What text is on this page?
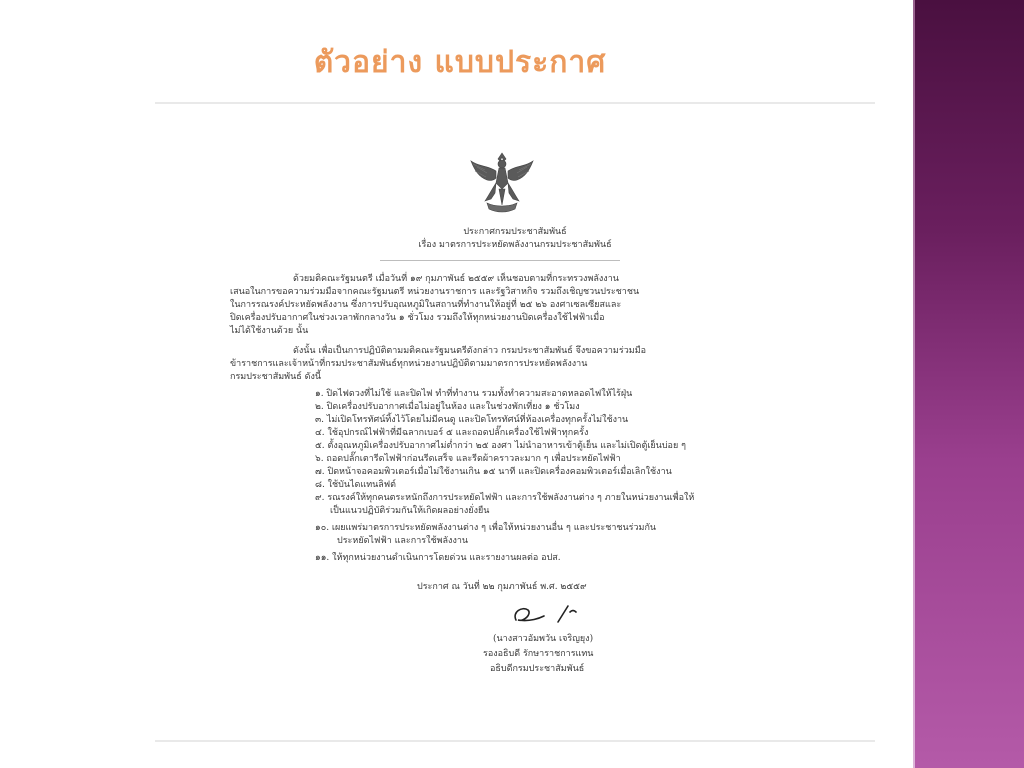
ตัวอย่าง แบบประกาศ

ประกาศกรมประชาสัมพันธ์

เรื่อง มาตรการประหยัดพลังงานกรมประชาสัมพันธ์

ด้วยมติคณะรัฐมนตรี เมื่อวันที่ ๑๙ กุมภาพันธ์ ๒๕๕๙ เห็นชอบตามที่กระทรวงพลังงาน

เสนอในการขอความร่วมมือจากคณะรัฐมนตรี หน่วยงานราชการ และรัฐวิสาหกิจ รวมถึงเชิญชวนประชาชน

ในการรณรงค์ประหยัดพลังงาน ซึ่งการปรับอุณหภูมิในสถานที่ทำงานให้อยู่ที่ ๒๕ ๒๖ องศาเซลเซียสและ

ปิดเครื่องปรับอากาศในช่วงเวลาพักกลางวัน ๑ ชั่วโมง รวมถึงให้ทุกหน่วยงานปิดเครื่องใช้ไฟฟ้าเมื่อ

ไม่ได้ใช้งานด้วย นั้น

ดังนั้น เพื่อเป็นการปฏิบัติตามมติคณะรัฐมนตรีดังกล่าว กรมประชาสัมพันธ์ จึงขอความร่วมมือ

ข้าราชการและเจ้าหน้าที่กรมประชาสัมพันธ์ทุกหน่วยงานปฏิบัติตามมาตรการประหยัดพลังงาน

กรมประชาสัมพันธ์ ดังนี้

๑. ปิดไฟดวงที่ไม่ใช้ และปิดไฟ ทำที่ทำงาน รวมทั้งทำความสะอาดหลอดไฟให้ไร้ฝุ่น

๒. ปิดเครื่องปรับอากาศเมื่อไม่อยู่ในห้อง และในช่วงพักเที่ยง ๑ ชั่วโมง

๓. ไม่เปิดโทรทัศน์ทิ้งไว้โดยไม่มีคนดู และปิดโทรทัศน์ที่ห้องเครื่องทุกครั้งไม่ใช้งาน

๔. ใช้อุปกรณ์ไฟฟ้าที่มีฉลากเบอร์ ๕ และถอดปลั๊กเครื่องใช้ไฟฟ้าทุกครั้ง

๕. ตั้งอุณหภูมิเครื่องปรับอากาศไม่ต่ำกว่า ๒๕ องศา ไม่นำอาหารเข้าตู้เย็น และไม่เปิดตู้เย็นบ่อย ๆ

๖. ถอดปลั๊กเตารีดไฟฟ้าก่อนรีดเสร็จ และรีดผ้าคราวละมาก ๆ เพื่อประหยัดไฟฟ้า

๗. ปิดหน้าจอคอมพิวเตอร์เมื่อไม่ใช้งานเกิน ๑๕ นาที และปิดเครื่องคอมพิวเตอร์เมื่อเลิกใช้งาน

๘. ใช้บันไดแทนลิฟต์

๙. รณรงค์ให้ทุกคนตระหนักถึงการประหยัดไฟฟ้า และการใช้พลังงานต่าง ๆ ภายในหน่วยงานเพื่อให้

เป็นแนวปฏิบัติร่วมกันให้เกิดผลอย่างยั่งยืน

๑๐. เผยแพร่มาตรการประหยัดพลังงานต่าง ๆ เพื่อให้หน่วยงานอื่น ๆ และประชาชนร่วมกัน

ประหยัดไฟฟ้า และการใช้พลังงาน

๑๑. ให้ทุกหน่วยงานดำเนินการโดยด่วน และรายงานผลต่อ อปส.

ประกาศ ณ วันที่ ๒๒ กุมภาพันธ์ พ.ศ. ๒๕๕๙

(นางสาวอัมพวัน เจริญยุง)

รองอธิบดี รักษาราชการแทน

อธิบดีกรมประชาสัมพันธ์
